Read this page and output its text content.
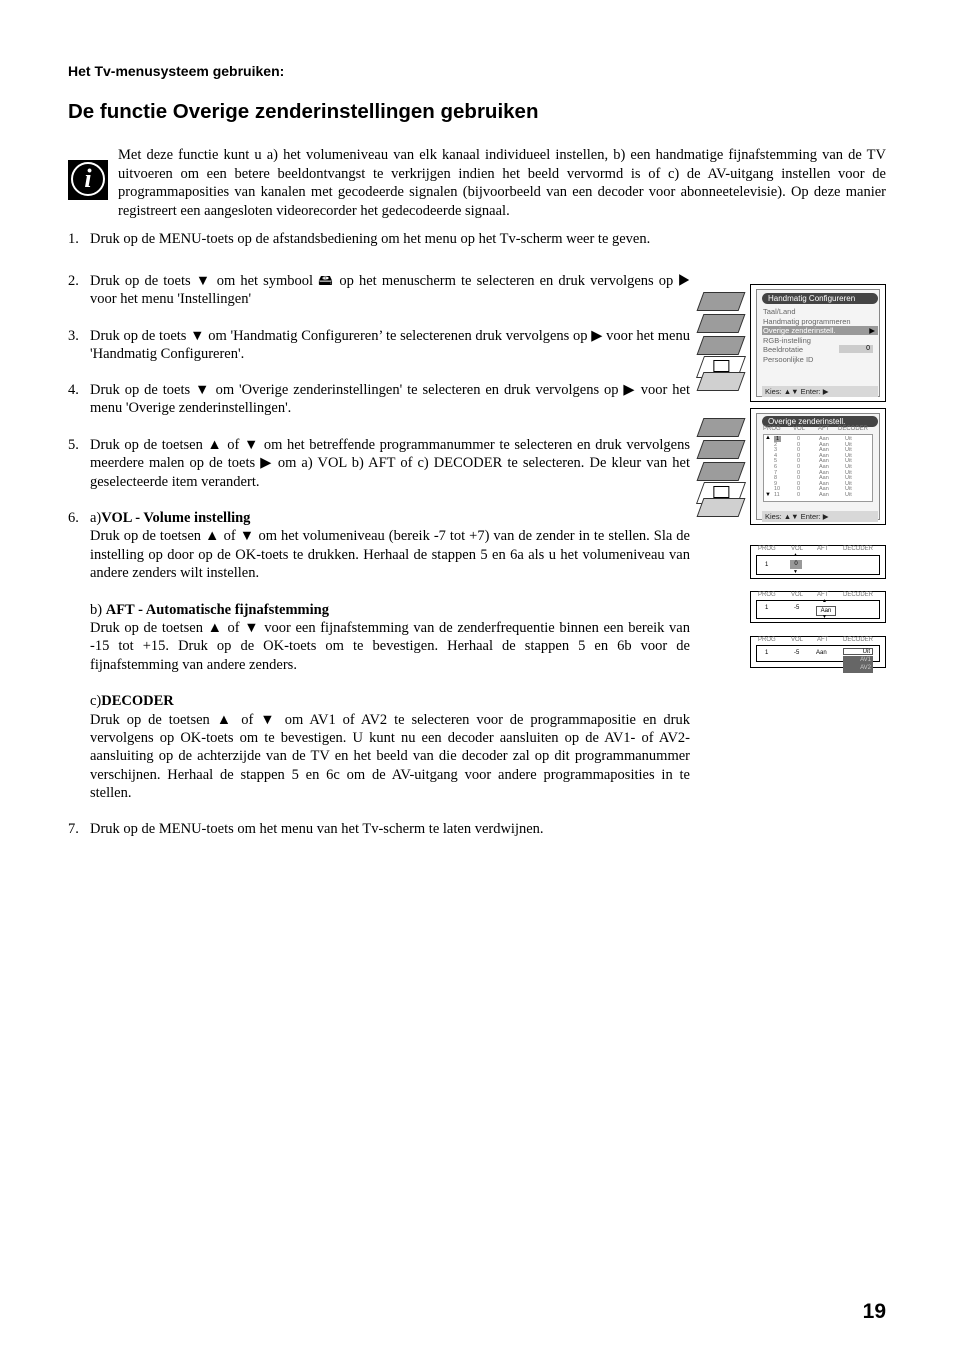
Het Tv-menusysteem gebruiken:
De functie Overige zenderinstellingen gebruiken
i
Met deze functie kunt u a) het volumeniveau van elk kanaal individueel instellen, b) een handmatige fijnafstemming van de TV uitvoeren om een betere beeldontvangst te verkrijgen indien het beeld vervormd is of c) de AV-uitgang instellen voor de programmaposities van kanalen met gecodeerde signalen (bijvoorbeeld van een decoder voor abonneetelevisie). Op deze manier registreert een aangesloten videorecorder het gedecodeerde signaal.
1. Druk op de MENU-toets op de afstandsbediening om het menu op het Tv-scherm weer te geven.
2. Druk op de toets ▼ om het symbool 🖴 op het menuscherm te selecteren en druk vervolgens op ▶ voor het menu 'Instellingen'
3. Druk op de toets ▼ om 'Handmatig Configureren’ te selecterenen druk vervolgens op ▶ voor het menu 'Handmatig Configureren'.
4. Druk op de toets ▼ om 'Overige zenderinstellingen' te selecteren en druk vervolgens op ▶ voor het menu 'Overige zenderinstellingen'.
5. Druk op de toetsen ▲ of ▼ om het betreffende programmanummer te selecteren en druk vervolgens meerdere malen op de toets ▶ om a) VOL b) AFT of c) DECODER te selecteren. De kleur van het geselecteerde item verandert.
6. a)VOL - Volume instelling
Druk op de toetsen ▲ of ▼ om het volumeniveau (bereik -7 tot +7) van de zender in te stellen. Sla de instelling op door op de OK-toets te drukken. Herhaal de stappen 5 en 6a als u het volumeniveau van andere zenders wilt instellen.

b) AFT - Automatische fijnafstemming
Druk op de toetsen ▲ of ▼ voor een fijnafstemming van de zenderfrequentie binnen een bereik van -15 tot +15. Druk op de OK-toets om te bevestigen. Herhaal de stappen 5 en 6b voor de fijnafstemming van andere zenders.

c)DECODER
Druk op de toetsen ▲ of ▼ om AV1 of AV2 te selecteren voor de programmapositie en druk vervolgens op OK-toets om te bevestigen. U kunt nu een decoder aansluiten op de AV1- of AV2-aansluiting op de achterzijde van de TV en het beeld van die decoder zal op dit programmanummer verschijnen. Herhaal de stappen 5 en 6c om de AV-uitgang voor andere programmaposities in te stellen.

7. Druk op de MENU-toets om het menu van het Tv-scherm te laten verdwijnen.
Handmatig Configureren
Taal/Land
Handmatig programmeren
Overige zenderinstell.	▶
RGB-instelling
Beeldrotatie
Persoonlijke ID
0
Kies: ▲▼ Enter: ▶
Overige zenderinstell.
PROG VOL AFT DECODER
1	0	Aan	Uit
2	0	Aan	Uit
3	0	Aan	Uit
4	0	Aan	Uit
5	0	Aan	Uit
6	0	Aan	Uit
7	0	Aan	Uit
8	0	Aan	Uit
9	0	Aan	Uit
10	0	Aan	Uit
11	0	Aan	Uit
▲
▼
Kies: ▲▼ Enter: ▶
PROG	VOL AFT DECODER
1	0
▲
▼
PROG	VOL AFT DECODER
1	-5	Aan
▲
▼
PROG	VOL AFT DECODER
1	-5	Aan	Uit
AV1
AV2
19
